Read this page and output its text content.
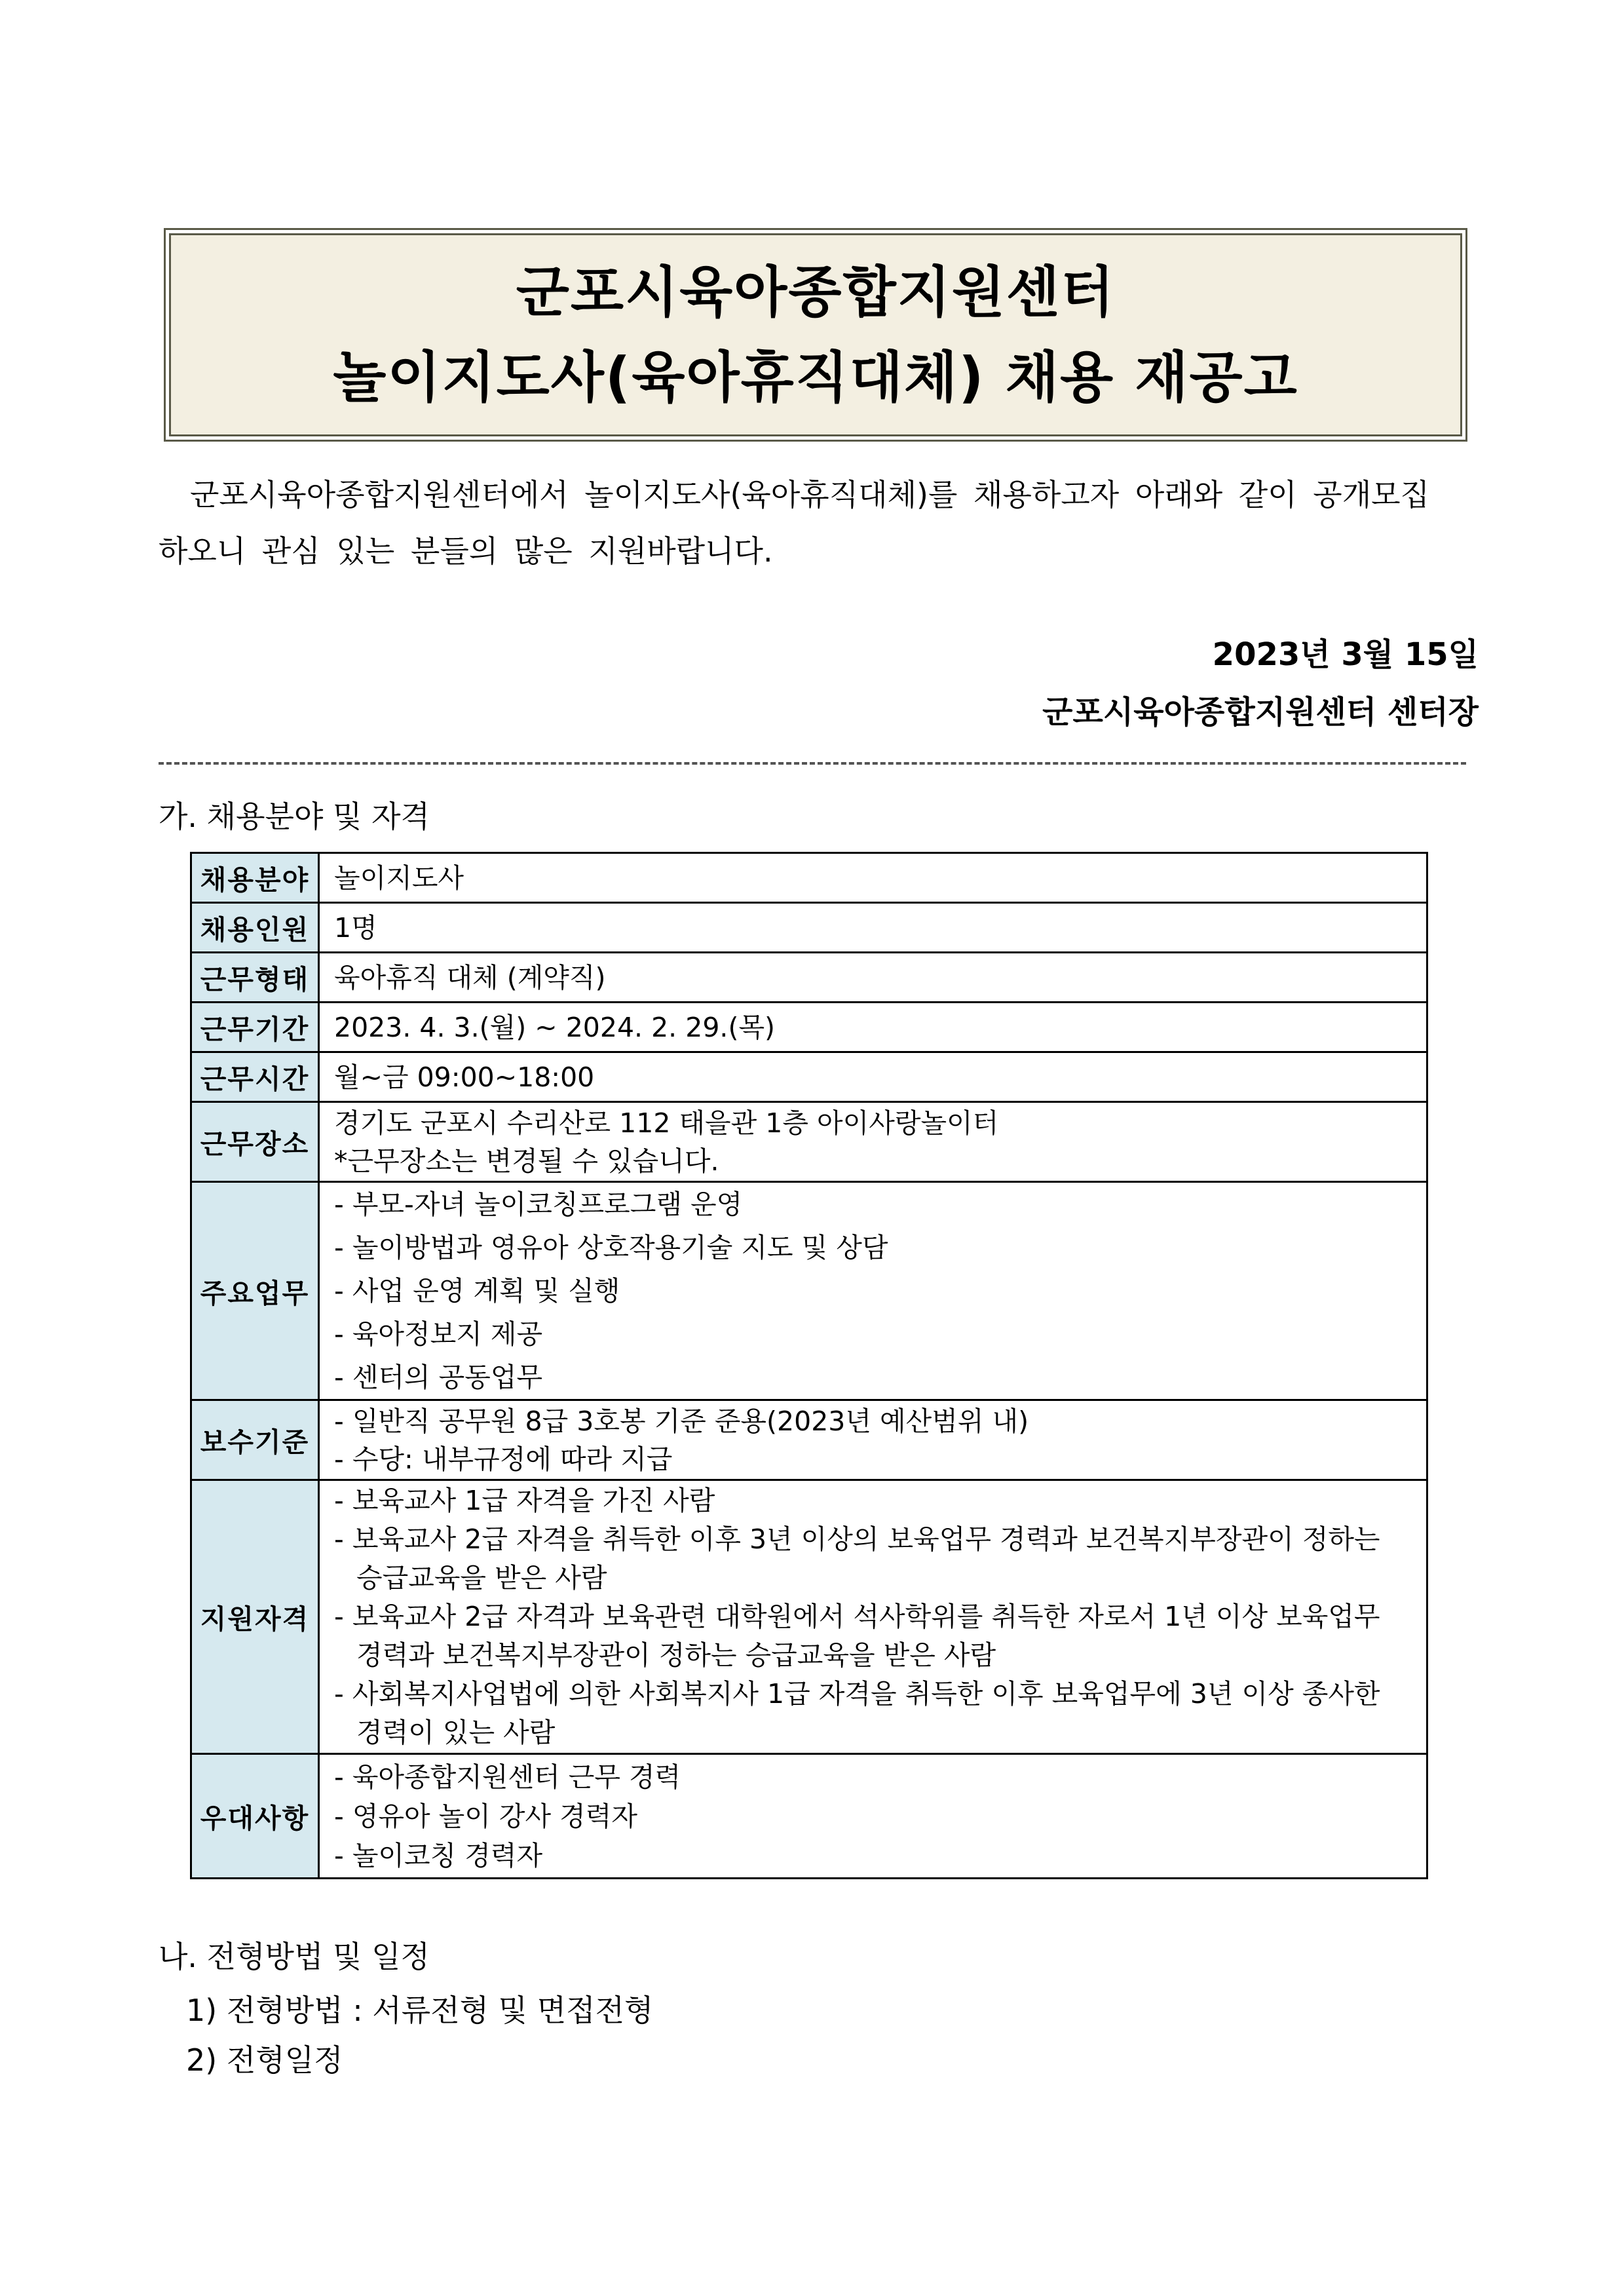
군포시육아종합지원센터
놀이지도사(육아휴직대체) 채용 재공고

군포시육아종합지원센터에서 놀이지도사(육아휴직대체)를 채용하고자 아래와 같이 공개모집

하오니 관심 있는 분들의 많은 지원바랍니다.

2023년 3월 15일
군포시육아종합지원센터 센터장
가. 채용분야 및 자격
채용분야	놀이지도사
채용인원	1명
근무형태	육아휴직 대체 (계약직)
근무기간	2023. 4. 3.(월) ~ 2024. 2. 29.(목)
근무시간	월~금 09:00~18:00
근무장소	경기도 군포시 수리산로 112 태을관 1층 아이사랑놀이터
*근무장소는 변경될 수 있습니다.

주요업무	- 부모-자녀 놀이코칭프로그램 운영
- 놀이방법과 영유아 상호작용기술 지도 및 상담
- 사업 운영 계획 및 실행
- 육아정보지 제공
- 센터의 공동업무

보수기준	- 일반직 공무원 8급 3호봉 기준 준용(2023년 예산범위 내)
- 수당: 내부규정에 따라 지급

지원자격	- 보육교사 1급 자격을 가진 사람
- 보육교사 2급 자격을 취득한 이후 3년 이상의 보육업무 경력과 보건복지부장관이 정하는 승급교육을 받은 사람
- 보육교사 2급 자격과 보육관련 대학원에서 석사학위를 취득한 자로서 1년 이상 보육업무 경력과 보건복지부장관이 정하는 승급교육을 받은 사람
- 사회복지사업법에 의한 사회복지사 1급 자격을 취득한 이후 보육업무에 3년 이상 종사한 경력이 있는 사람

우대사항	- 육아종합지원센터 근무 경력
- 영유아 놀이 강사 경력자
- 놀이코칭 경력자
나. 전형방법 및 일정
1) 전형방법 : 서류전형 및 면접전형
2) 전형일정
